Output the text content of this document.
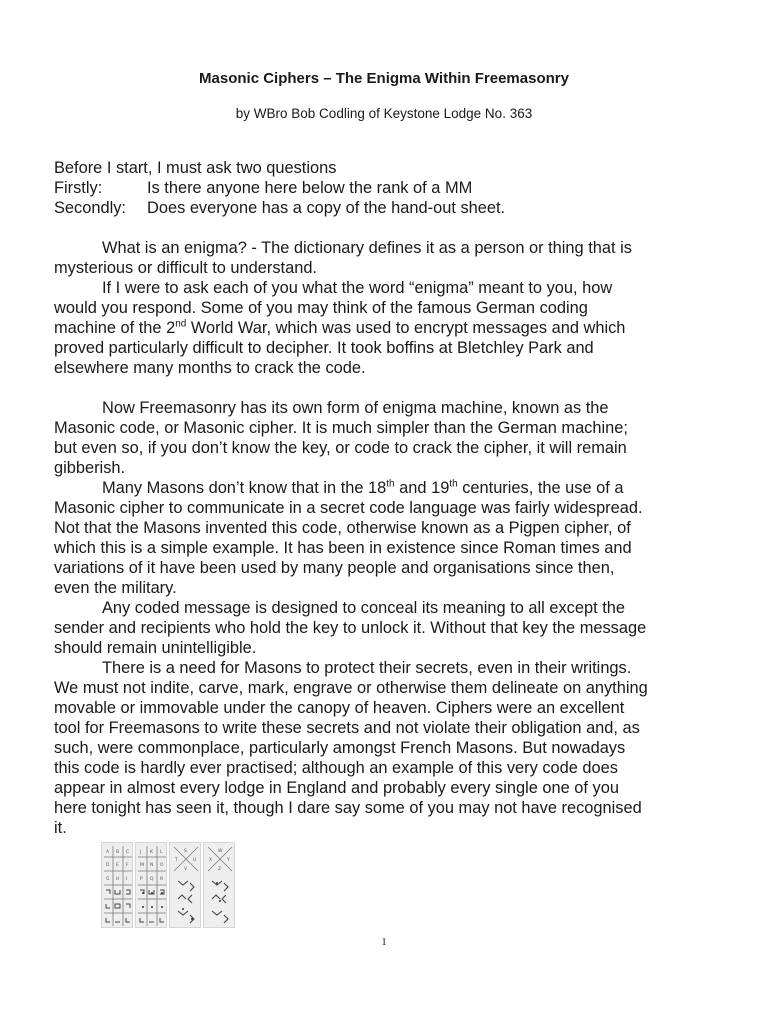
Masonic Ciphers – The Enigma Within Freemasonry
by WBro Bob Codling of Keystone Lodge No. 363
Before I start, I must ask two questions
Firstly:	Is there anyone here below the rank of a MM
Secondly: Does everyone has a copy of the hand-out sheet.
What is an enigma? - The dictionary defines it as a person or thing that is
mysterious or difficult to understand.
If I were to ask each of you what the word “enigma” meant to you, how
would you respond. Some of you may think of the famous German coding
machine of the 2nd World War, which was used to encrypt messages and which
proved particularly difficult to decipher. It took boffins at Bletchley Park and
elsewhere many months to crack the code.
Now Freemasonry has its own form of enigma machine, known as the
Masonic code, or Masonic cipher. It is much simpler than the German machine;
but even so, if you don’t know the key, or code to crack the cipher, it will remain
gibberish.
Many Masons don’t know that in the 18th and 19th centuries, the use of a
Masonic cipher to communicate in a secret code language was fairly widespread.
Not that the Masons invented this code, otherwise known as a Pigpen cipher, of
which this is a simple example. It has been in existence since Roman times and
variations of it have been used by many people and organisations since then,
even the military.
Any coded message is designed to conceal its meaning to all except the
sender and recipients who hold the key to unlock it. Without that key the message
should remain unintelligible.
There is a need for Masons to protect their secrets, even in their writings.
We must not indite, carve, mark, engrave or otherwise them delineate on anything
movable or immovable under the canopy of heaven. Ciphers were an excellent
tool for Freemasons to write these secrets and not violate their obligation and, as
such, were commonplace, particularly amongst French Masons. But nowadays
this code is hardly ever practised; although an example of this very code does
appear in almost every lodge in England and probably every single one of you
here tonight has seen it, though I dare say some of you may not have recognised
it.
A B C
D E F
G H I
J K L
M N O
P Q R
S
T	U
V
W
X	Y
Z
1
